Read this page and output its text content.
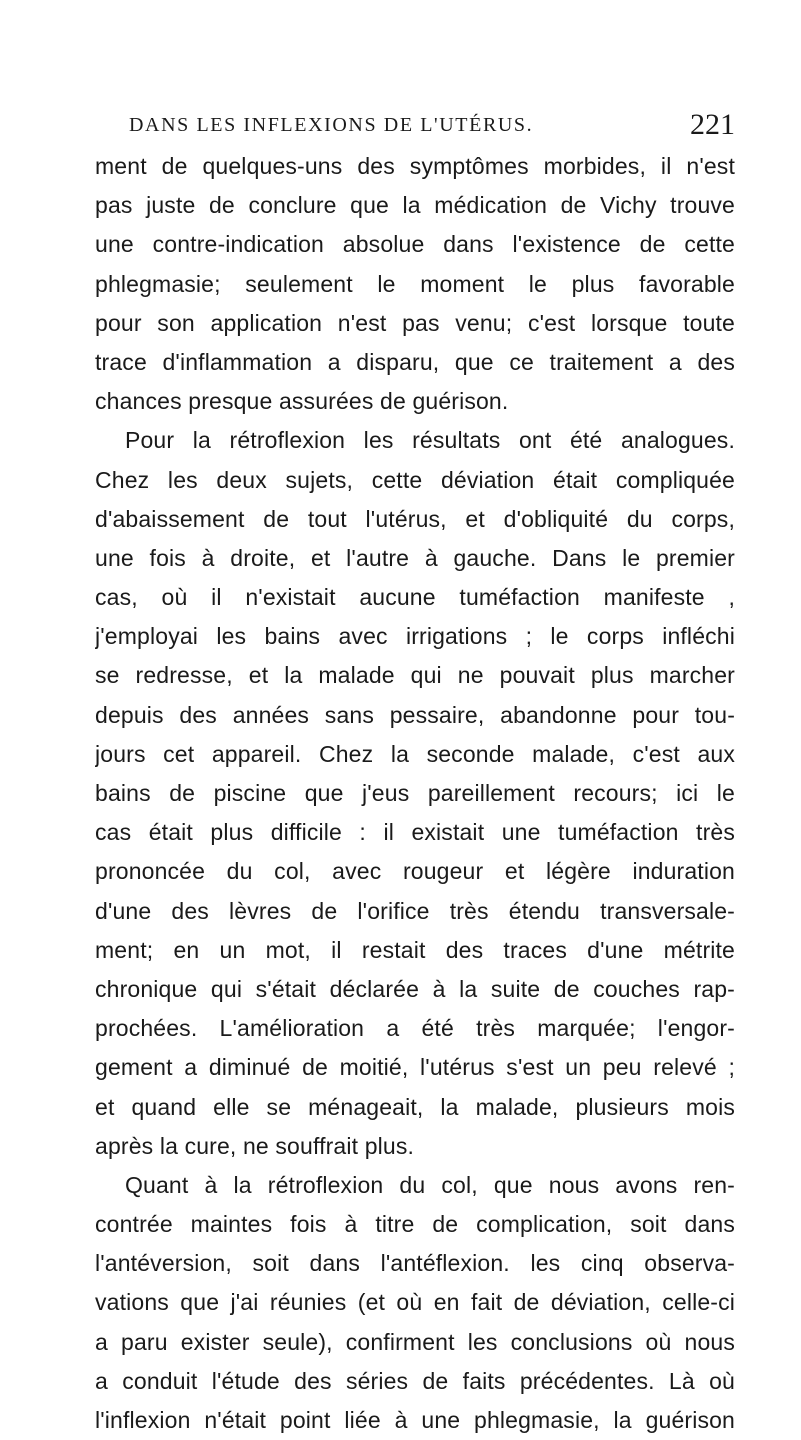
DANS LES INFLEXIONS DE L'UTÉRUS.	221
ment de quelques-uns des symptômes morbides, il n'est
pas juste de conclure que la médication de Vichy trouve
une contre-indication absolue dans l'existence de cette
phlegmasie; seulement le moment le plus favorable
pour son application n'est pas venu; c'est lorsque toute
trace d'inflammation a disparu, que ce traitement a des
chances presque assurées de guérison.
Pour la rétroflexion les résultats ont été analogues.
Chez les deux sujets, cette déviation était compliquée
d'abaissement de tout l'utérus, et d'obliquité du corps,
une fois à droite, et l'autre à gauche. Dans le premier
cas, où il n'existait aucune tuméfaction manifeste ,
j'employai les bains avec irrigations ; le corps infléchi
se redresse, et la malade qui ne pouvait plus marcher
depuis des années sans pessaire, abandonne pour tou-
jours cet appareil. Chez la seconde malade, c'est aux
bains de piscine que j'eus pareillement recours; ici le
cas était plus difficile : il existait une tuméfaction très
prononcée du col, avec rougeur et légère induration
d'une des lèvres de l'orifice très étendu transversale-
ment; en un mot, il restait des traces d'une métrite
chronique qui s'était déclarée à la suite de couches rap-
prochées. L'amélioration a été très marquée; l'engor-
gement a diminué de moitié, l'utérus s'est un peu relevé ;
et quand elle se ménageait, la malade, plusieurs mois
après la cure, ne souffrait plus.
Quant à la rétroflexion du col, que nous avons ren-
contrée maintes fois à titre de complication, soit dans
l'antéversion, soit dans l'antéflexion. les cinq observa-
vations que j'ai réunies (et où en fait de déviation, celle-ci
a paru exister seule), confirment les conclusions où nous
a conduit l'étude des séries de faits précédentes. Là où
l'inflexion n'était point liée à une phlegmasie, la guérison
